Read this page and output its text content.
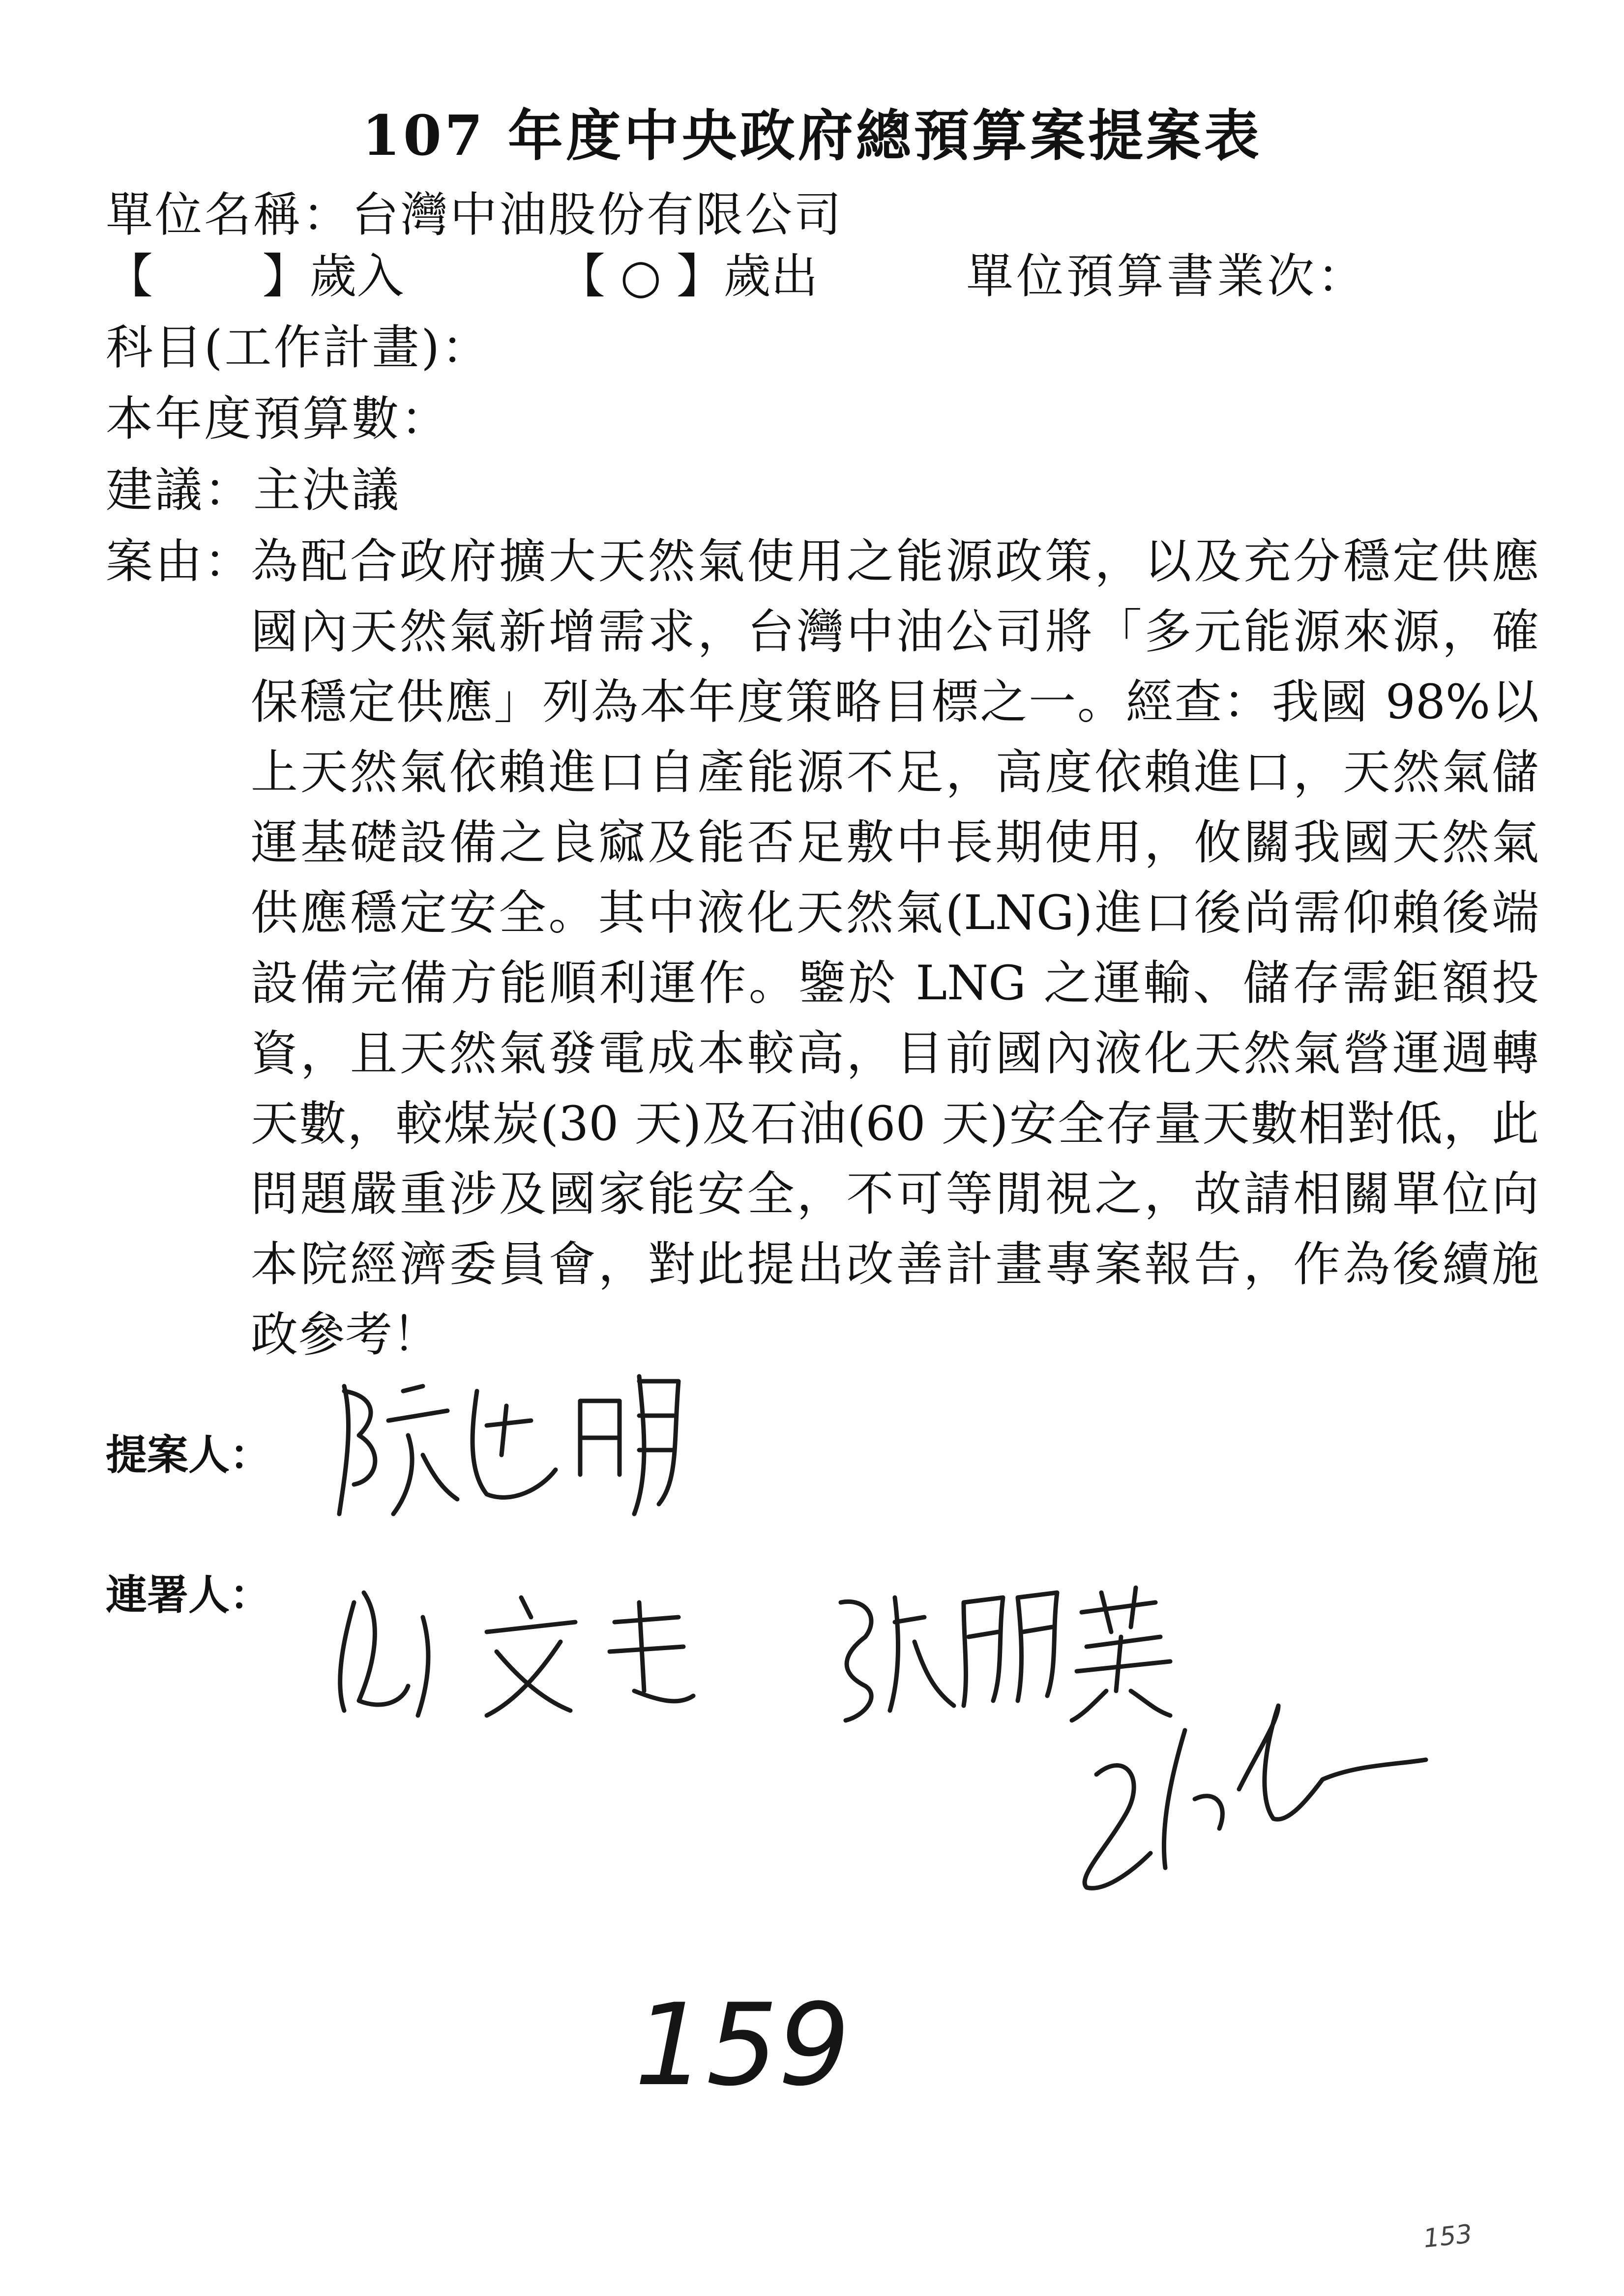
107 年度中央政府總預算案提案表
單位名稱：台灣中油股份有限公司
【　　 】歲入	【 ○ 】歲出	單位預算書業次：
科目(工作計畫)：
本年度預算數：
建議：主決議
案由：
為配合政府擴大天然氣使用之能源政策，以及充分穩定供應
國內天然氣新增需求，台灣中油公司將「多元能源來源，確
保穩定供應」列為本年度策略目標之一。經查：我國 98%以
上天然氣依賴進口自產能源不足，高度依賴進口，天然氣儲
運基礎設備之良窳及能否足敷中長期使用，攸關我國天然氣
供應穩定安全。其中液化天然氣(LNG)進口後尚需仰賴後端
設備完備方能順利運作。鑒於 LNG 之運輸、儲存需鉅額投
資，且天然氣發電成本較高，目前國內液化天然氣營運週轉
天數，較煤炭(30 天)及石油(60 天)安全存量天數相對低，此
問題嚴重涉及國家能安全，不可等閒視之，故請相關單位向
本院經濟委員會，對此提出改善計畫專案報告，作為後續施
政參考！
提案人：
連署人：
159
153
